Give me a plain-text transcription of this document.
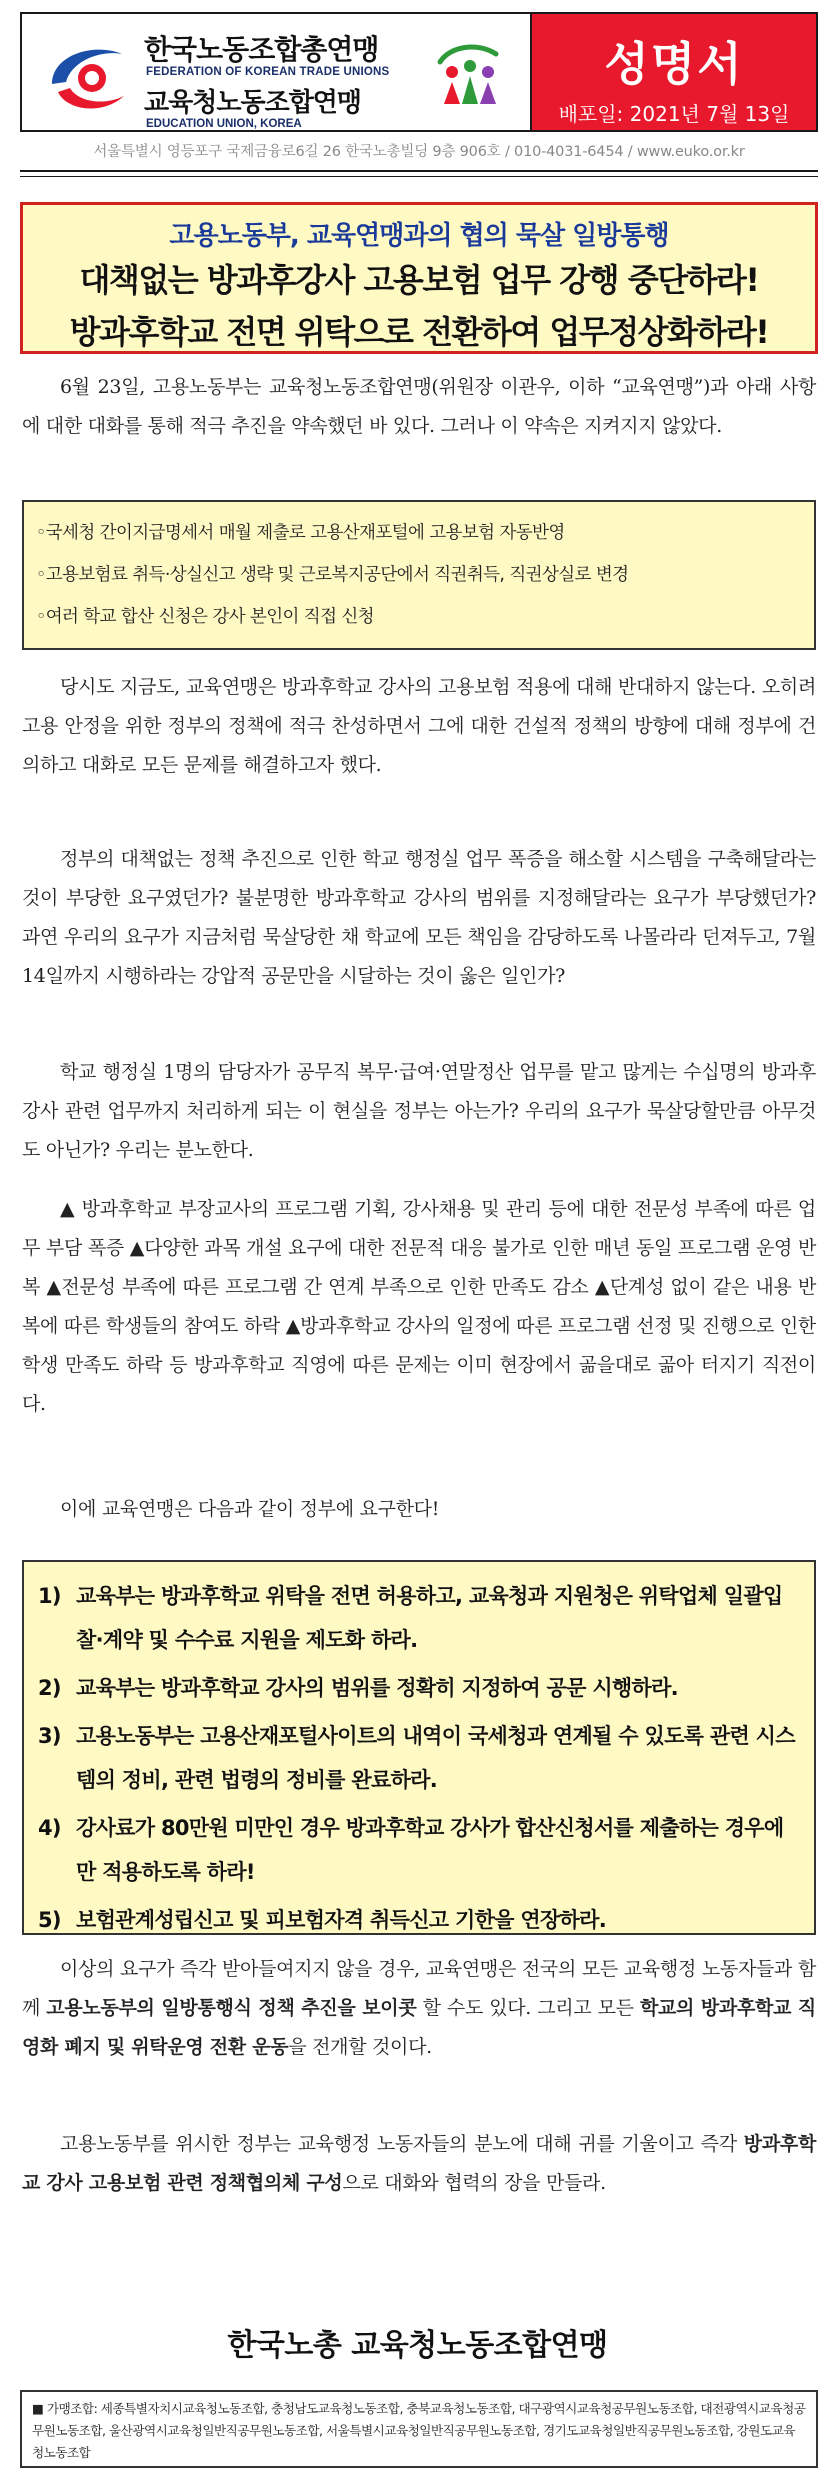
한국노동조합총연맹
FEDERATION OF KOREAN TRADE UNIONS
교육청노동조합연맹
EDUCATION UNION, KOREA
성명서
배포일: 2021년 7월 13일
서울특별시 영등포구 국제금융로6길 26 한국노총빌딩 9층 906호 / 010-4031-6454 / www.euko.or.kr
고용노동부, 교육연맹과의 협의 묵살 일방통행
대책없는 방과후강사 고용보험 업무 강행 중단하라!
방과후학교 전면 위탁으로 전환하여 업무정상화하라!
6월 23일, 고용노동부는 교육청노동조합연맹(위원장 이관우, 이하 “교육연맹”)과 아래 사항에 대한 대화를 통해 적극 추진을 약속했던 바 있다. 그러나 이 약속은 지켜지지 않았다.
◦국세청 간이지급명세서 매월 제출로 고용산재포털에 고용보험 자동반영
◦고용보험료 취득·상실신고 생략 및 근로복지공단에서 직권취득, 직권상실로 변경
◦여러 학교 합산 신청은 강사 본인이 직접 신청
당시도 지금도, 교육연맹은 방과후학교 강사의 고용보험 적용에 대해 반대하지 않는다. 오히려 고용 안정을 위한 정부의 정책에 적극 찬성하면서 그에 대한 건설적 정책의 방향에 대해 정부에 건의하고 대화로 모든 문제를 해결하고자 했다.
정부의 대책없는 정책 추진으로 인한 학교 행정실 업무 폭증을 해소할 시스템을 구축해달라는 것이 부당한 요구였던가? 불분명한 방과후학교 강사의 범위를 지정해달라는 요구가 부당했던가? 과연 우리의 요구가 지금처럼 묵살당한 채 학교에 모든 책임을 감당하도록 나몰라라 던져두고, 7월 14일까지 시행하라는 강압적 공문만을 시달하는 것이 옳은 일인가?
학교 행정실 1명의 담당자가 공무직 복무·급여·연말정산 업무를 맡고 많게는 수십명의 방과후강사 관련 업무까지 처리하게 되는 이 현실을 정부는 아는가? 우리의 요구가 묵살당할만큼 아무것도 아닌가? 우리는 분노한다.
▲ 방과후학교 부장교사의 프로그램 기획, 강사채용 및 관리 등에 대한 전문성 부족에 따른 업무 부담 폭증 ▲다양한 과목 개설 요구에 대한 전문적 대응 불가로 인한 매년 동일 프로그램 운영 반복 ▲전문성 부족에 따른 프로그램 간 연계 부족으로 인한 만족도 감소 ▲단계성 없이 같은 내용 반복에 따른 학생들의 참여도 하락 ▲방과후학교 강사의 일정에 따른 프로그램 선정 및 진행으로 인한 학생 만족도 하락 등 방과후학교 직영에 따른 문제는 이미 현장에서 곪을대로 곪아 터지기 직전이다.
이에 교육연맹은 다음과 같이 정부에 요구한다!
1) 교육부는 방과후학교 위탁을 전면 허용하고, 교육청과 지원청은 위탁업체 일괄입찰·계약 및 수수료 지원을 제도화 하라.
2) 교육부는 방과후학교 강사의 범위를 정확히 지정하여 공문 시행하라.
3) 고용노동부는 고용산재포털사이트의 내역이 국세청과 연계될 수 있도록 관련 시스템의 정비, 관련 법령의 정비를 완료하라.
4) 강사료가 80만원 미만인 경우 방과후학교 강사가 합산신청서를 제출하는 경우에만 적용하도록 하라!
5) 보험관계성립신고 및 피보험자격 취득신고 기한을 연장하라.
이상의 요구가 즉각 받아들여지지 않을 경우, 교육연맹은 전국의 모든 교육행정 노동자들과 함께 고용노동부의 일방통행식 정책 추진을 보이콧 할 수도 있다. 그리고 모든 학교의 방과후학교 직영화 폐지 및 위탁운영 전환 운동을 전개할 것이다.
고용노동부를 위시한 정부는 교육행정 노동자들의 분노에 대해 귀를 기울이고 즉각 방과후학교 강사 고용보험 관련 정책협의체 구성으로 대화와 협력의 장을 만들라.
한국노총 교육청노동조합연맹
■ 가맹조합: 세종특별자치시교육청노동조합, 충청남도교육청노동조합, 충북교육청노동조합, 대구광역시교육청공무원노동조합, 대전광역시교육청공무원노동조합, 울산광역시교육청일반직공무원노동조합, 서울특별시교육청일반직공무원노동조합, 경기도교육청일반직공무원노동조합, 강원도교육청노동조합
